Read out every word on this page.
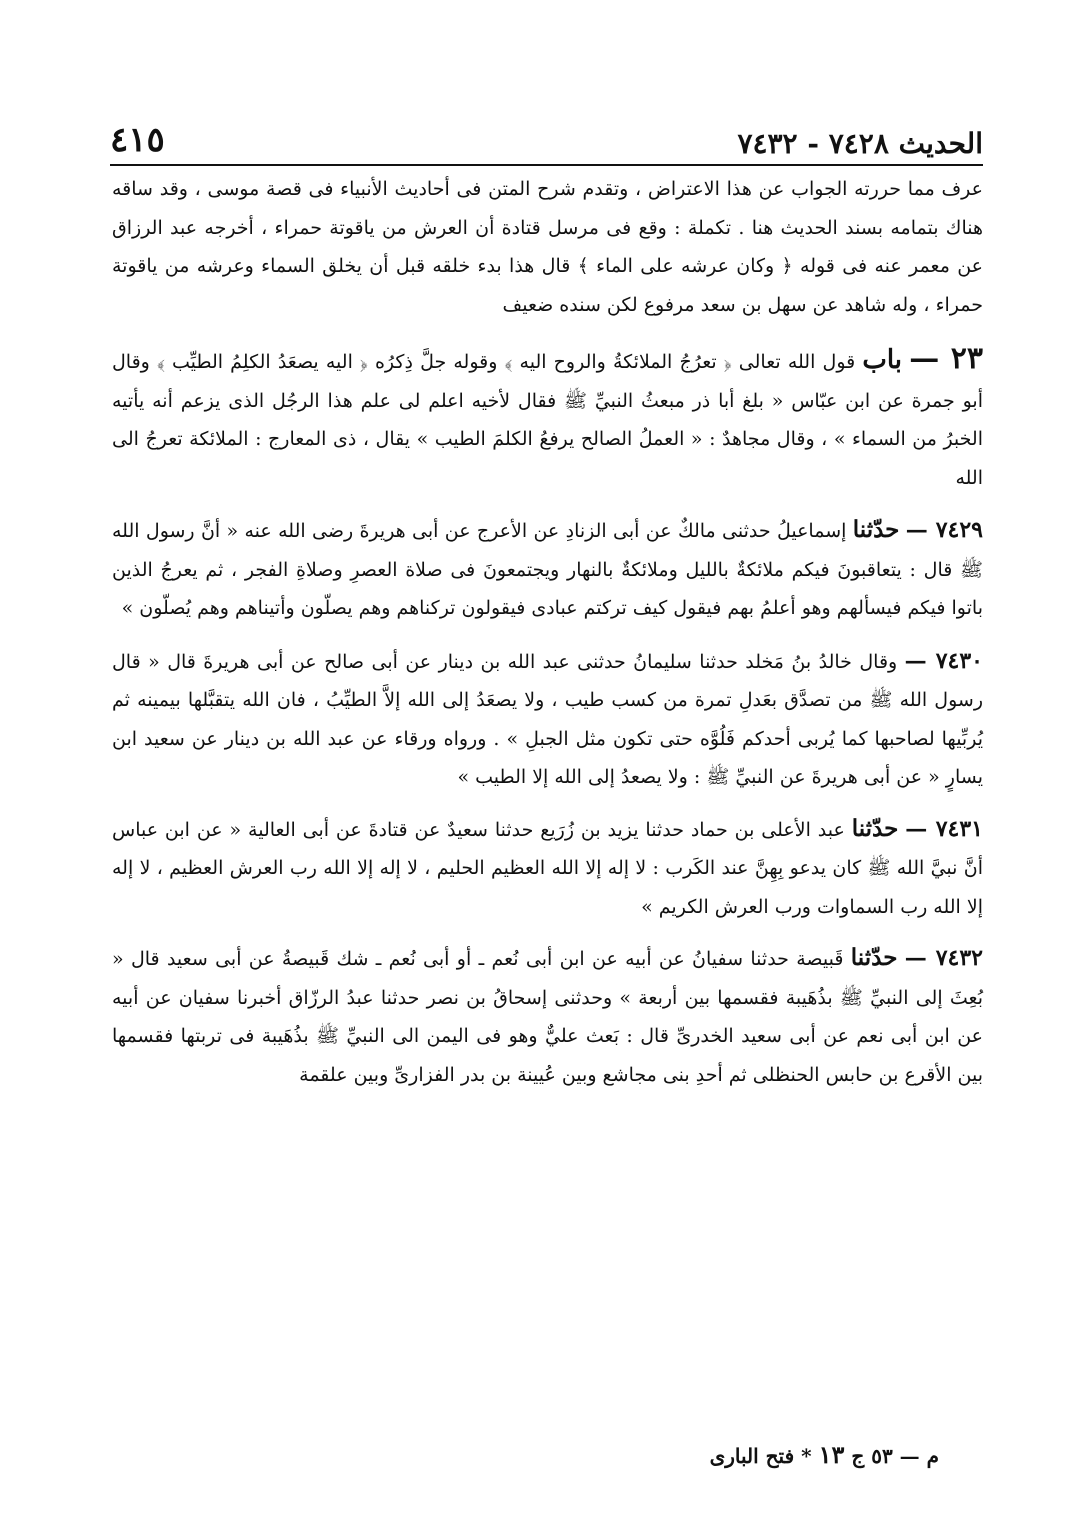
الحديث ٧٤٢٨ - ٧٤٣٢
٤١٥

عرف مما حررته الجواب عن هذا الاعتراض ، وتقدم شرح المتن فى أحاديث الأنبياء فى قصة موسى ، وقد ساقه هناك بتمامه بسند الحديث هنا . تكملة : وقع فى مرسل قتادة أن العرش من ياقوتة حمراء ، أخرجه عبد الرزاق عن معمر عنه فى قوله ﴿ وكان عرشه على الماء ﴾ قال هذا بدء خلقه قبل أن يخلق السماء وعرشه من ياقوتة حمراء ، وله شاهد عن سهل بن سعد مرفوع لكن سنده ضعيف

٢٣ — باب قول الله تعالى ﴿ تعرُجُ الملائكةُ والروح اليه ﴾ وقوله جلَّ ذِكرُه ﴿ اليه يصعَدُ الكلِمُ الطيِّب ﴾ وقال أبو جمرة عن ابن عبّاس « بلغ أبا ذر مبعثُ النبيِّ ﷺ فقال لأخيه اعلم لى علم هذا الرجُل الذى يزعم أنه يأتيه الخبرُ من السماء » ، وقال مجاهدٌ : « العملُ الصالح يرفعُ الكلمَ الطيب » يقال ، ذى المعارج : الملائكة تعرجُ الى الله

٧٤٢٩ — حدّثنا إسماعيلُ حدثنى مالكٌ عن أبى الزنادِ عن الأعرج عن أبى هريرةَ رضى الله عنه « أنَّ رسول الله ﷺ قال : يتعاقبونَ فيكم ملائكةٌ بالليل وملائكةٌ بالنهار ويجتمعونَ فى صلاة العصرِ وصلاةِ الفجر ، ثم يعرجُ الذين باتوا فيكم فيسألهم وهو أعلمُ بهم فيقول كيف تركتم عبادى فيقولون تركناهم وهم يصلّون وأتيناهم وهم يُصلّون »

٧٤٣٠ — وقال خالدُ بنُ مَخلد حدثنا سليمانُ حدثنى عبد الله بن دينار عن أبى صالح عن أبى هريرةَ قال « قال رسول الله ﷺ من تصدَّق بعَدلِ تمرة من كسب طيب ، ولا يصعَدُ إلى الله إلاَّ الطيِّبُ ، فان الله يتقبَّلها بيمينه ثم يُربِّيها لصاحبها كما يُربى أحدكم فَلُوَّه حتى تكون مثل الجبلِ » . ورواه ورقاء عن عبد الله بن دينار عن سعيد ابن يسارٍ « عن أبى هريرةَ عن النبيِّ ﷺ : ولا يصعدُ إلى الله إلا الطيب »

٧٤٣١ — حدّثنا عبد الأعلى بن حماد حدثنا يزيد بن زُرَيع حدثنا سعيدٌ عن قتادةَ عن أبى العالية « عن ابن عباس أنَّ نبيَّ الله ﷺ كان يدعو بِهِنَّ عند الكَرب : لا إله إلا الله العظيم الحليم ، لا إله إلا الله رب العرش العظيم ، لا إله إلا الله رب السماوات ورب العرش الكريم »

٧٤٣٢ — حدّثنا قَبيصة حدثنا سفيانُ عن أبيه عن ابن أبى نُعم ـ أو أبى نُعم ـ شك قَبيصةُ عن أبى سعيد قال « بُعِثَ إلى النبيِّ ﷺ بذُهَيبة فقسمها بين أربعة » وحدثنى إسحاقُ بن نصر حدثنا عبدُ الرزّاق أخبرنا سفيان عن أبيه عن ابن أبى نعم عن أبى سعيد الخدرىِّ قال : بَعث عليٌّ وهو فى اليمن الى النبيِّ ﷺ بذُهَيبة فى تربتها فقسمها بين الأقرع بن حابس الحنظلى ثم أحدِ بنى مجاشع وبين عُيينة بن بدر الفزارىِّ وبين علقمة

م — ٥٣ ج ١٣ * فتح البارى
